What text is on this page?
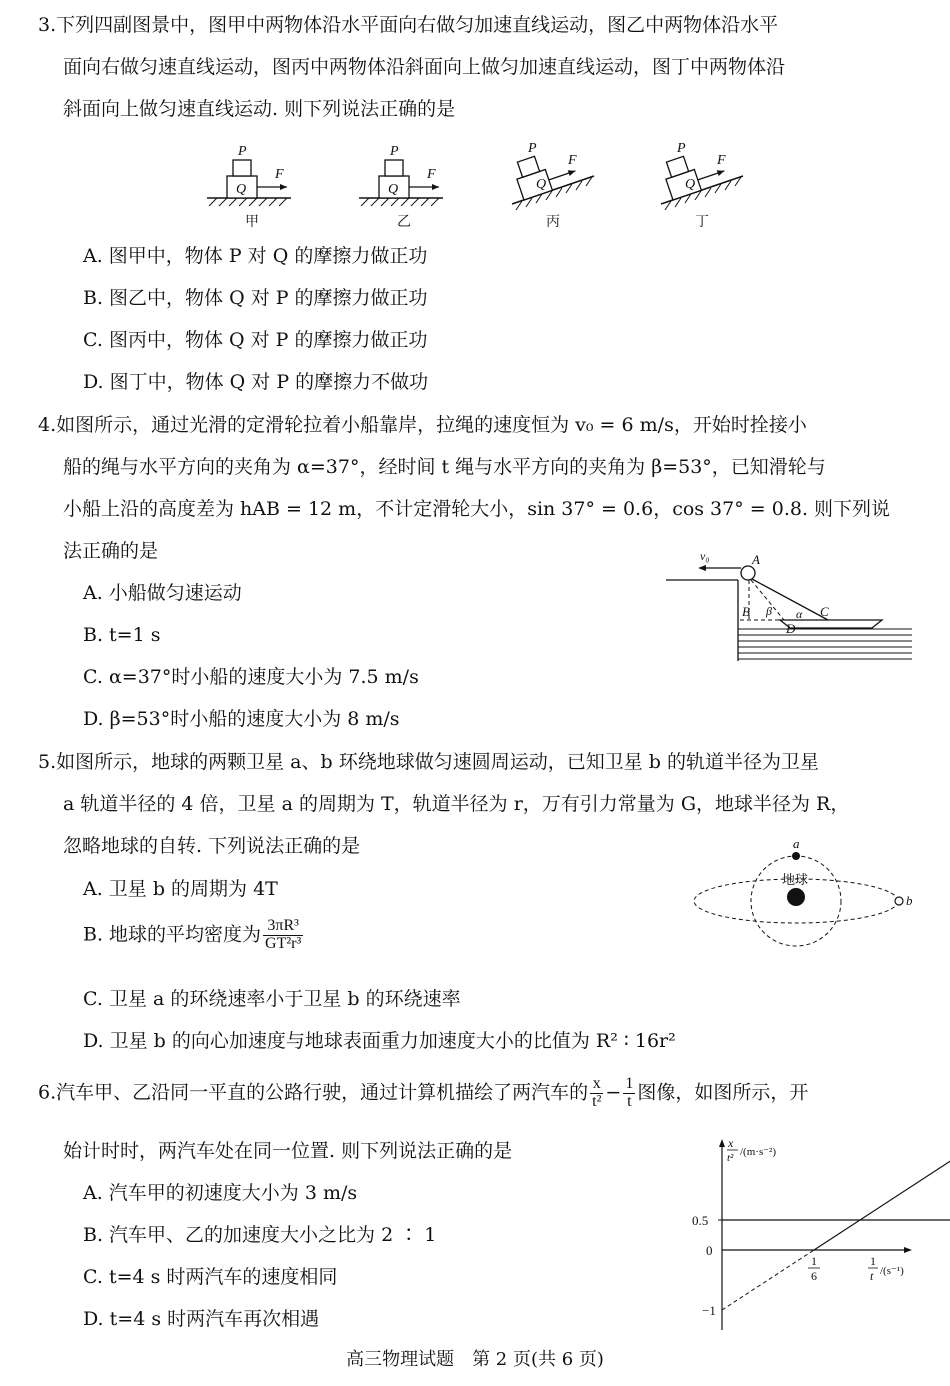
3.下列四副图景中，图甲中两物体沿水平面向右做匀加速直线运动，图乙中两物体沿水平
面向右做匀速直线运动，图丙中两物体沿斜面向上做匀加速直线运动，图丁中两物体沿
斜面向上做匀速直线运动. 则下列说法正确的是
P
Q
F
甲
P
Q
F
乙
P
Q
F
丙
P
Q
F
丁
A. 图甲中，物体 P 对 Q 的摩擦力做正功
B. 图乙中，物体 Q 对 P 的摩擦力做正功
C. 图丙中，物体 Q 对 P 的摩擦力做正功
D. 图丁中，物体 Q 对 P 的摩擦力不做功
4.如图所示，通过光滑的定滑轮拉着小船靠岸，拉绳的速度恒为 v₀ = 6 m/s，开始时拴接小
船的绳与水平方向的夹角为 α=37°，经时间 t 绳与水平方向的夹角为 β=53°，已知滑轮与
小船上沿的高度差为 hAB = 12 m，不计定滑轮大小，sin 37° = 0.6，cos 37° = 0.8. 则下列说
法正确的是	v₀	A
B	C
D
β α
A. 小船做匀速运动
B. t=1 s
C. α=37°时小船的速度大小为 7.5 m/s
D. β=53°时小船的速度大小为 8 m/s
5.如图所示，地球的两颗卫星 a、b 环绕地球做匀速圆周运动，已知卫星 b 的轨道半径为卫星
a 轨道半径的 4 倍，卫星 a 的周期为 T，轨道半径为 r，万有引力常量为 G，地球半径为 R，
忽略地球的自转. 下列说法正确的是	a
b
地球
A. 卫星 b 的周期为 4T
B. 地球的平均密度为 $\frac{\text{3πR³}}{\text{GT²r³}}$
C. 卫星 a 的环绕速率小于卫星 b 的环绕速率
D. 卫星 b 的向心加速度与地球表面重力加速度大小的比值为 R² ∶ 16r²
6.汽车甲、乙沿同一平直的公路行驶，通过计算机描绘了两汽车的 $\frac{x}{\text{t²}} - \frac{1}{t}$ 图像，如图所示，开
始计时时，两汽车处在同一位置. 则下列说法正确的是
A. 汽车甲的初速度大小为 3 m/s
B. 汽车甲、乙的加速度大小之比为 2 ∶ 1
C. t=4 s 时两汽车的速度相同
D. t=4 s 时两汽车再次相遇
0.5
0
−1
1
6
x
t² /(m·s⁻²)
1
t /(s⁻¹)
高三物理试题　第 2 页(共 6 页)
